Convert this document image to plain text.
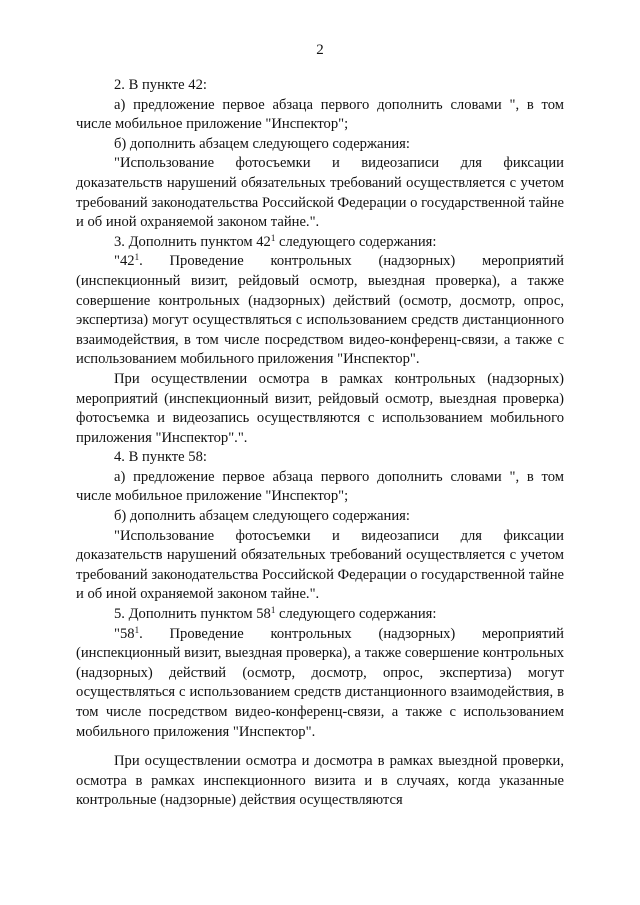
2

2. В пункте 42:

а) предложение первое абзаца первого дополнить словами ", в том числе мобильное приложение "Инспектор";

б) дополнить абзацем следующего содержания:

"Использование фотосъемки и видеозаписи для фиксации доказательств нарушений обязательных требований осуществляется с учетом требований законодательства Российской Федерации о государственной тайне и об иной охраняемой законом тайне.".

3. Дополнить пунктом $42^1$ следующего содержания:

"$42^1$. Проведение контрольных (надзорных) мероприятий (инспекционный визит, рейдовый осмотр, выездная проверка), а также совершение контрольных (надзорных) действий (осмотр, досмотр, опрос, экспертиза) могут осуществляться с использованием средств дистанционного взаимодействия, в том числе посредством видео-конференц-связи, а также с использованием мобильного приложения "Инспектор".

При осуществлении осмотра в рамках контрольных (надзорных) мероприятий (инспекционный визит, рейдовый осмотр, выездная проверка) фотосъемка и видеозапись осуществляются с использованием мобильного приложения "Инспектор".".

4. В пункте 58:

а) предложение первое абзаца первого дополнить словами ", в том числе мобильное приложение "Инспектор";

б) дополнить абзацем следующего содержания:

"Использование фотосъемки и видеозаписи для фиксации доказательств нарушений обязательных требований осуществляется с учетом требований законодательства Российской Федерации о государственной тайне и об иной охраняемой законом тайне.".

5. Дополнить пунктом $58^1$ следующего содержания:

"$58^1$. Проведение контрольных (надзорных) мероприятий (инспекционный визит, выездная проверка), а также совершение контрольных (надзорных) действий (осмотр, досмотр, опрос, экспертиза) могут осуществляться с использованием средств дистанционного взаимодействия, в том числе посредством видео-конференц-связи, а также с использованием мобильного приложения "Инспектор".

При осуществлении осмотра и досмотра в рамках выездной проверки, осмотра в рамках инспекционного визита и в случаях, когда указанные контрольные (надзорные) действия осуществляются
